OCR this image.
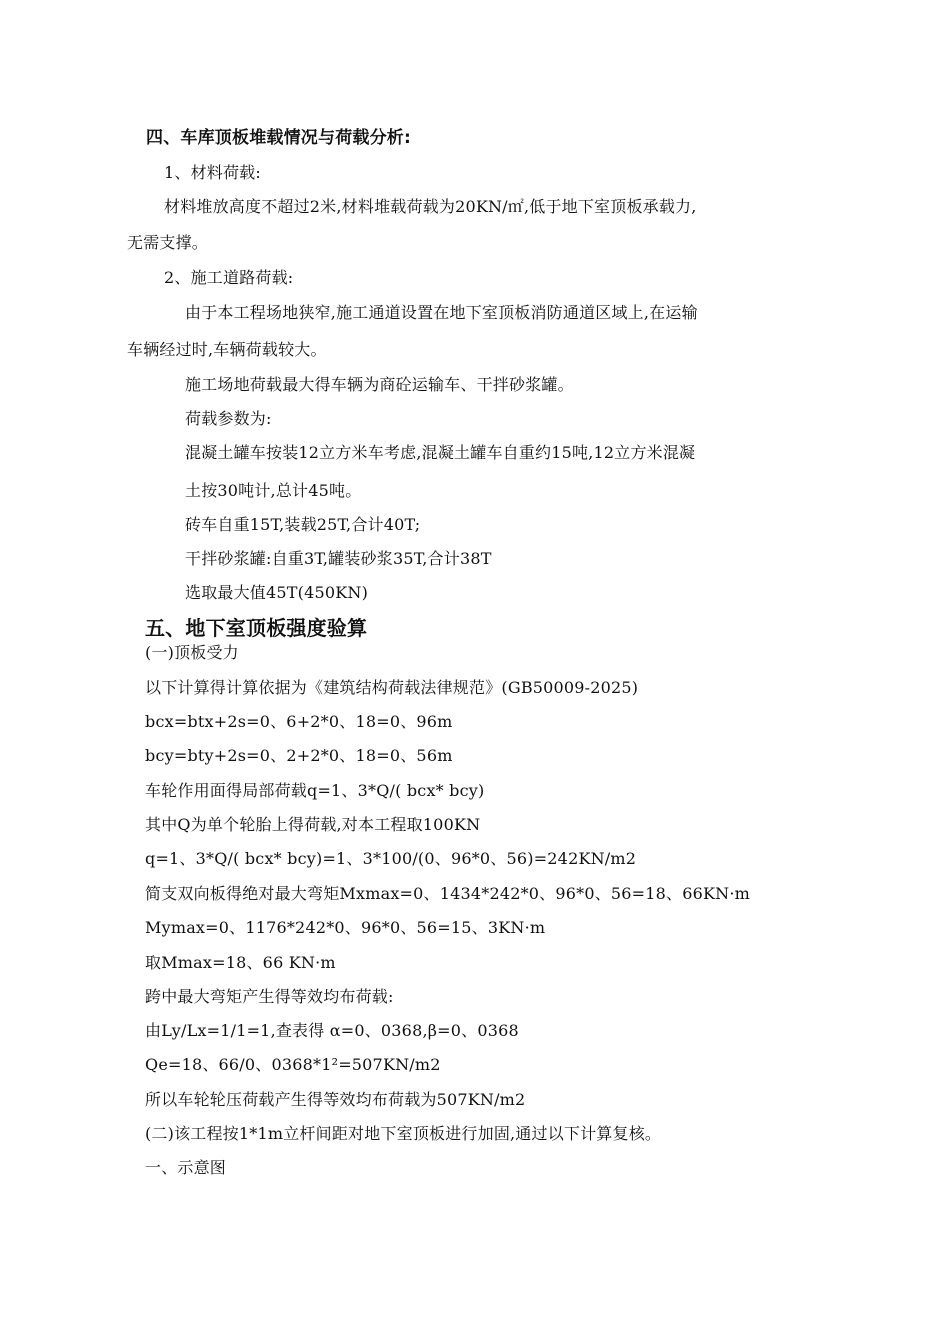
四、车库顶板堆载情况与荷载分析:
1、材料荷载:
材料堆放高度不超过2米,材料堆载荷载为20KN/㎡,低于地下室顶板承载力,
无需支撑。
2、施工道路荷载:
由于本工程场地狭窄,施工通道设置在地下室顶板消防通道区域上,在运输
车辆经过时,车辆荷载较大。
施工场地荷载最大得车辆为商砼运输车、干拌砂浆罐。
荷载参数为:
混凝土罐车按装12立方米车考虑,混凝土罐车自重约15吨,12立方米混凝
土按30吨计,总计45吨。
砖车自重15T,装载25T,合计40T;
干拌砂浆罐:自重3T,罐装砂浆35T,合计38T
选取最大值45T(450KN)
五、地下室顶板强度验算
(一)顶板受力
以下计算得计算依据为《建筑结构荷载法律规范》(GB50009-2025)
bcx=btx+2s=0、6+2*0、18=0、96m
bcy=bty+2s=0、2+2*0、18=0、56m
车轮作用面得局部荷载q=1、3*Q/( bcx* bcy)
其中Q为单个轮胎上得荷载,对本工程取100KN
q=1、3*Q/( bcx* bcy)=1、3*100/(0、96*0、56)=242KN/m2
简支双向板得绝对最大弯矩Mxmax=0、1434*242*0、96*0、56=18、66KN·m
Mymax=0、1176*242*0、96*0、56=15、3KN·m
取Mmax=18、66 KN·m
跨中最大弯矩产生得等效均布荷载:
由Ly/Lx=1/1=1,查表得 α=0、0368,β=0、0368
Qe=18、66/0、0368*1²=507KN/m2
所以车轮轮压荷载产生得等效均布荷载为507KN/m2
(二)该工程按1*1m立杆间距对地下室顶板进行加固,通过以下计算复核。
一、示意图
